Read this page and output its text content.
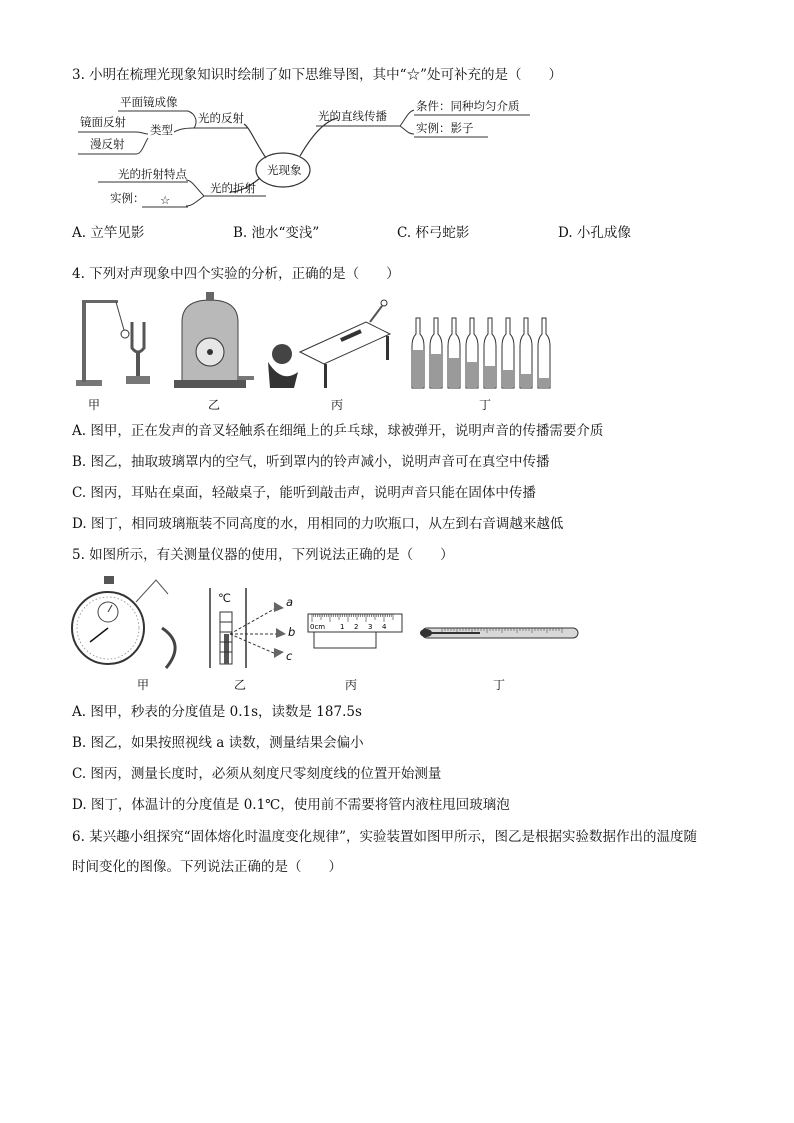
3. 小明在梳理光现象知识时绘制了如下思维导图，其中“☆”处可补充的是（　　）
光现象
光的反射
类型
平面镜成像
镜面反射
漫反射
光的直线传播
条件：同种均匀介质
实例：影子
光的折射
光的折射特点
实例： ☆
A. 立竿见影	B. 池水“变浅”	C. 杯弓蛇影	D. 小孔成像
4. 下列对声现象中四个实验的分析，正确的是（　　）
甲	乙	丙	丁
A. 图甲，正在发声的音叉轻触系在细绳上的乒乓球，球被弹开，说明声音的传播需要介质
B. 图乙，抽取玻璃罩内的空气，听到罩内的铃声减小，说明声音可在真空中传播
C. 图丙，耳贴在桌面，轻敲桌子，能听到敲击声，说明声音只能在固体中传播
D. 图丁，相同玻璃瓶装不同高度的水，用相同的力吹瓶口，从左到右音调越来越低
5. 如图所示，有关测量仪器的使用，下列说法正确的是（　　）
℃	a
b
c
0cm 1 2 3 4
甲	乙	丙	丁
A. 图甲，秒表的分度值是 0.1s，读数是 187.5s
B. 图乙，如果按照视线 a 读数，测量结果会偏小
C. 图丙，测量长度时，必须从刻度尺零刻度线的位置开始测量
D. 图丁，体温计的分度值是 0.1℃，使用前不需要将管内液柱甩回玻璃泡
6. 某兴趣小组探究“固体熔化时温度变化规律”，实验装置如图甲所示，图乙是根据实验数据作出的温度随
时间变化的图像。下列说法正确的是（　　）
